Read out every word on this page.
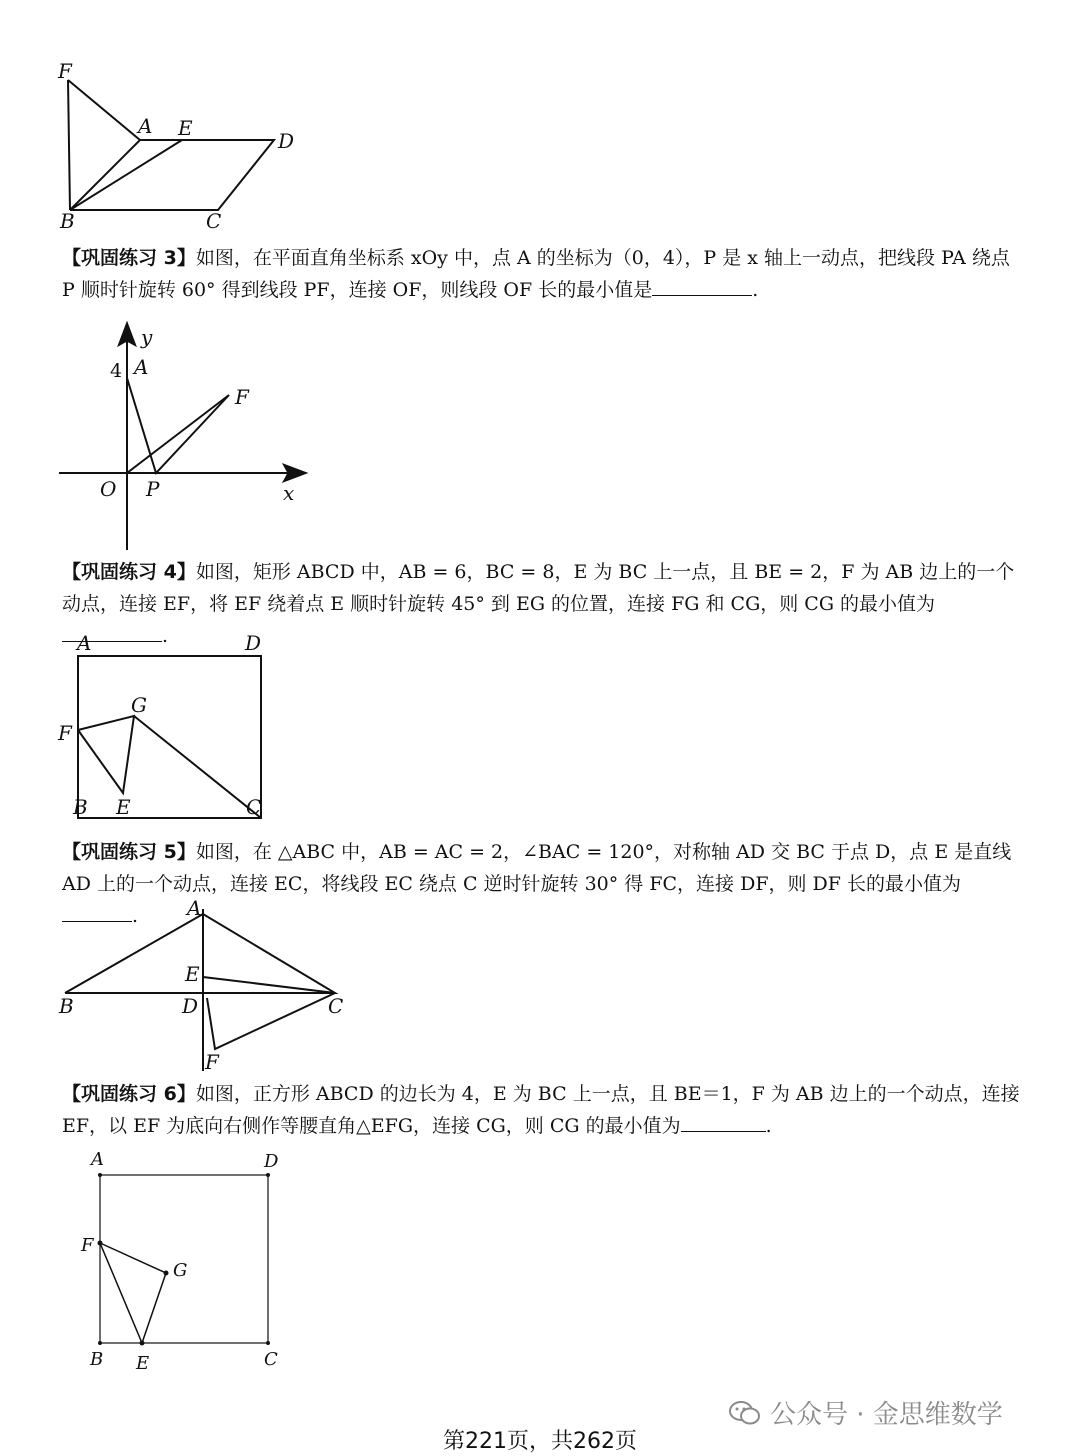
F
A E
D
B	C

【巩固练习 3】如图，在平面直角坐标系 xOy 中，点 A 的坐标为（0，4），P 是 x 轴上一动点，把线段 PA 绕点 P 顺时针旋转 60° 得到线段 PF，连接 OF，则线段 OF 长的最小值是	.

y
4 A
F
O P	x

【巩固练习 4】如图，矩形 ABCD 中，AB = 6，BC = 8，E 为 BC 上一点，且 BE = 2，F 为 AB 边上的一个动点，连接 EF，将 EF 绕着点 E 顺时针旋转 45° 到 EG 的位置，连接 FG 和 CG，则 CG 的最小值为.

A	D
G
F
B E	C

【巩固练习 5】如图，在 △ABC 中，AB = AC = 2，∠BAC = 120°，对称轴 AD 交 BC 于点 D，点 E 是直线 AD 上的一个动点，连接 EC，将线段 EC 绕点 C 逆时针旋转 30° 得 FC，连接 DF，则 DF 长的最小值为.	A
E
B	D	C
F

【巩固练习 6】如图，正方形 ABCD 的边长为 4，E 为 BC 上一点，且 BE＝1，F 为 AB 边上的一个动点，连接 EF，以 EF 为底向右侧作等腰直角△EFG，连接 CG，则 CG 的最小值为	.

A	D
F
G
B E	C
公众号 · 金思维数学
第221页，共262页
